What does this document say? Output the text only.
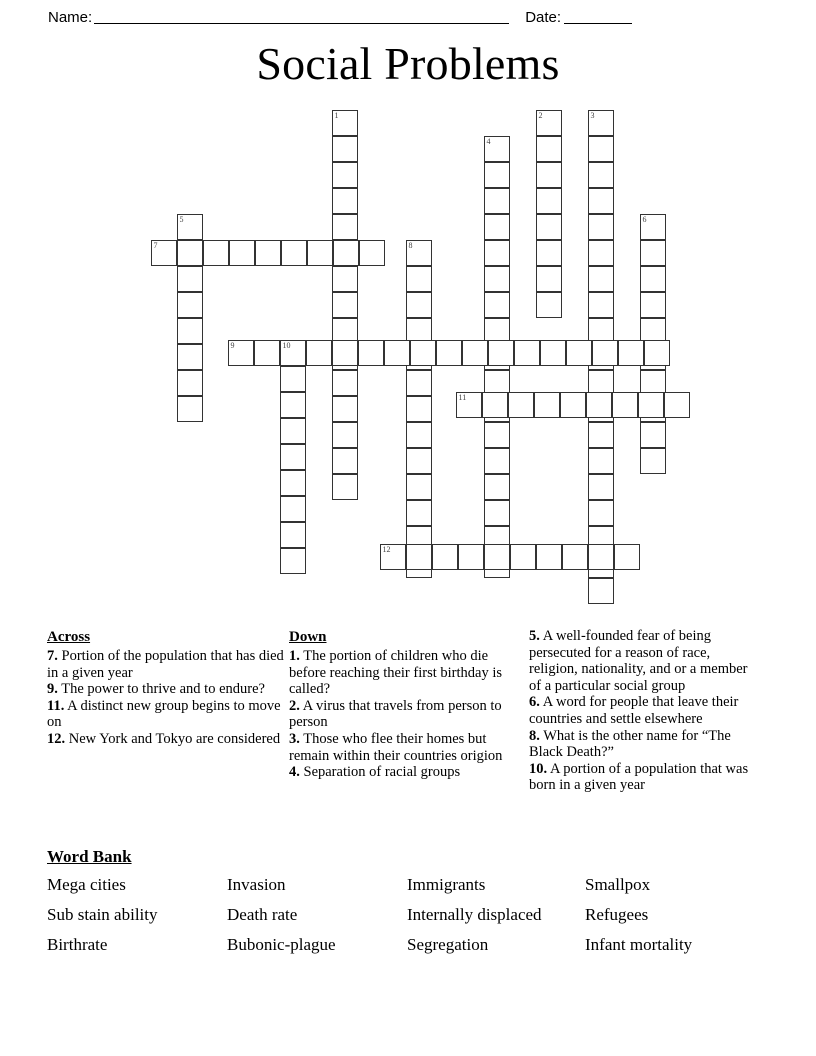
Name:	Date:
Social Problems
1	2	3
4
5	6
7	8
9	10
11
12
Across
7. Portion of the population that has died in a given year
9. The power to thrive and to endure?
11. A distinct new group begins to move on
12. New York and Tokyo are considered
Down
1. The portion of children who die before reaching their first birthday is called?
2. A virus that travels from person to person
3. Those who flee their homes but remain within their countries origion
4. Separation of racial groups
5. A well-founded fear of being persecuted for a reason of race, religion, nationality, and or a member of a particular social group
6. A word for people that leave their countries and settle elsewhere
8. What is the other name for “The Black Death?”
10. A portion of a population that was born in a given year
Word Bank
Mega cities	Invasion	Immigrants	Smallpox
Sub stain ability	Death rate	Internally displaced	Refugees
Birthrate	Bubonic-plague	Segregation	Infant mortality
